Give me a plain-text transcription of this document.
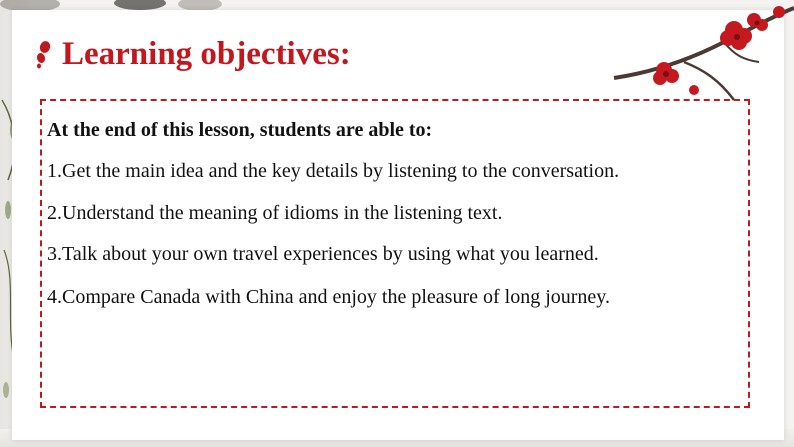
Learning objectives:
At the end of this lesson, students are able to:
1.Get the main idea and the key details by listening to the conversation.
2.Understand the meaning of idioms in the listening text.
3.Talk about your own travel experiences by using what you learned.
4.Compare Canada with China and enjoy the pleasure of long journey.
